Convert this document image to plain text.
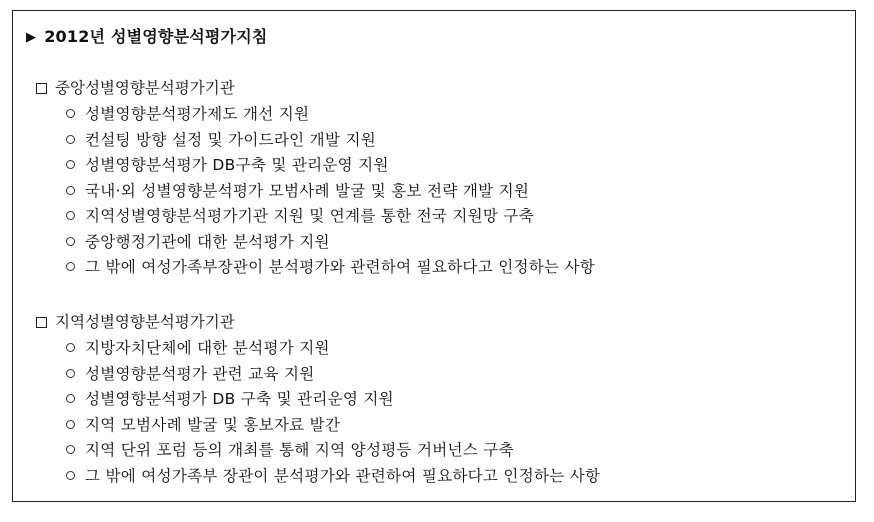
▶ 2012년 성별영향분석평가지침
중앙성별영향분석평가기관
성별영향분석평가제도 개선 지원
컨설팅 방향 설정 및 가이드라인 개발 지원
성별영향분석평가 DB구축 및 관리운영 지원
국내·외 성별영향분석평가 모범사례 발굴 및 홍보 전략 개발 지원
지역성별영향분석평가기관 지원 및 연계를 통한 전국 지원망 구축
중앙행정기관에 대한 분석평가 지원
그 밖에 여성가족부장관이 분석평가와 관련하여 필요하다고 인정하는 사항
지역성별영향분석평가기관
지방자치단체에 대한 분석평가 지원
성별영향분석평가 관련 교육 지원
성별영향분석평가 DB 구축 및 관리운영 지원
지역 모범사례 발굴 및 홍보자료 발간
지역 단위 포럼 등의 개최를 통해 지역 양성평등 거버넌스 구축
그 밖에 여성가족부 장관이 분석평가와 관련하여 필요하다고 인정하는 사항
